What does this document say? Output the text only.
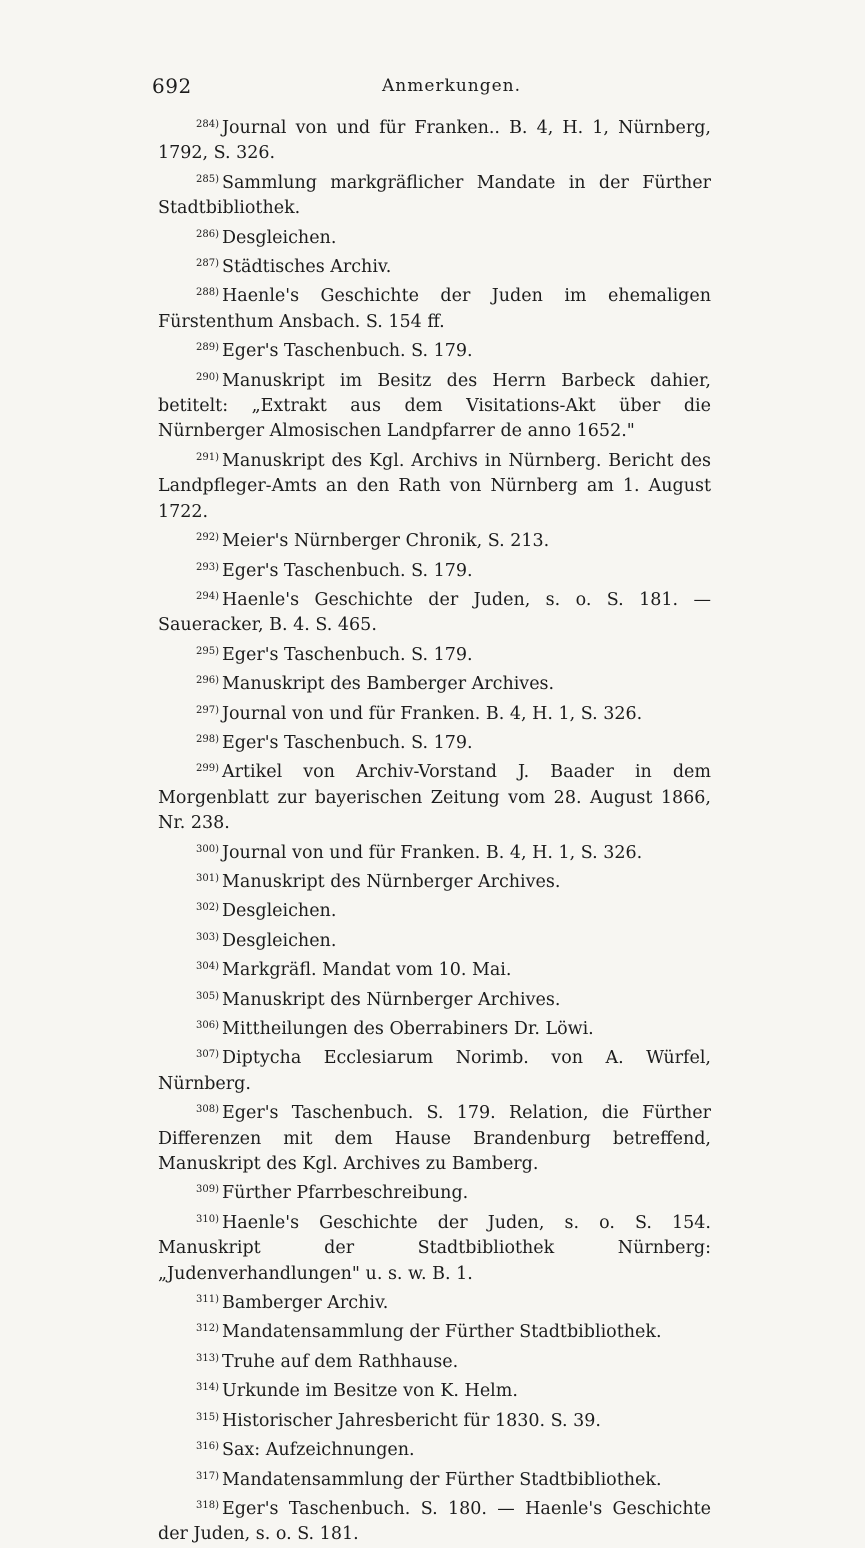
692	Anmerkungen.

$^{284)}$ Journal von und für Franken.. B. 4, H. 1, Nürnberg, 1792, S. 326.

$^{285)}$ Sammlung markgräflicher Mandate in der Fürther Stadtbibliothek.

$^{286)}$ Desgleichen.

$^{287)}$ Städtisches Archiv.

$^{288)}$ Haenle's Geschichte der Juden im ehemaligen Fürstenthum Ansbach. S. 154 ff.

$^{289)}$ Eger's Taschenbuch. S. 179.

$^{290)}$ Manuskript im Besitz des Herrn Barbeck dahier, betitelt: „Extrakt aus dem Visitations-Akt über die Nürnberger Almosischen Landpfarrer de anno 1652."

$^{291)}$ Manuskript des Kgl. Archivs in Nürnberg. Bericht des Landpfleger-Amts an den Rath von Nürnberg am 1. August 1722.

$^{292)}$ Meier's Nürnberger Chronik, S. 213.

$^{293)}$ Eger's Taschenbuch. S. 179.

$^{294)}$ Haenle's Geschichte der Juden, s. o. S. 181. — Saueracker, B. 4. S. 465.

$^{295)}$ Eger's Taschenbuch. S. 179.

$^{296)}$ Manuskript des Bamberger Archives.

$^{297)}$ Journal von und für Franken. B. 4, H. 1, S. 326.

$^{298)}$ Eger's Taschenbuch. S. 179.

$^{299)}$ Artikel von Archiv-Vorstand J. Baader in dem Morgenblatt zur bayerischen Zeitung vom 28. August 1866, Nr. 238.

$^{300)}$ Journal von und für Franken. B. 4, H. 1, S. 326.

$^{301)}$ Manuskript des Nürnberger Archives.

$^{302)}$ Desgleichen.

$^{303)}$ Desgleichen.

$^{304)}$ Markgräfl. Mandat vom 10. Mai.

$^{305)}$ Manuskript des Nürnberger Archives.

$^{306)}$ Mittheilungen des Oberrabiners Dr. Löwi.

$^{307)}$ Diptycha Ecclesiarum Norimb. von A. Würfel, Nürnberg.

$^{308)}$ Eger's Taschenbuch. S. 179. Relation, die Fürther Differenzen mit dem Hause Brandenburg betreffend, Manuskript des Kgl. Archives zu Bamberg.

$^{309)}$ Fürther Pfarrbeschreibung.

$^{310)}$ Haenle's Geschichte der Juden, s. o. S. 154. Manuskript der Stadtbibliothek Nürnberg: „Judenverhandlungen" u. s. w. B. 1.

$^{311)}$ Bamberger Archiv.

$^{312)}$ Mandatensammlung der Fürther Stadtbibliothek.

$^{313)}$ Truhe auf dem Rathhause.

$^{314)}$ Urkunde im Besitze von K. Helm.

$^{315)}$ Historischer Jahresbericht für 1830. S. 39.

$^{316)}$ Sax: Aufzeichnungen.

$^{317)}$ Mandatensammlung der Fürther Stadtbibliothek.

$^{318)}$ Eger's Taschenbuch. S. 180. — Haenle's Geschichte der Juden, s. o. S. 181.
